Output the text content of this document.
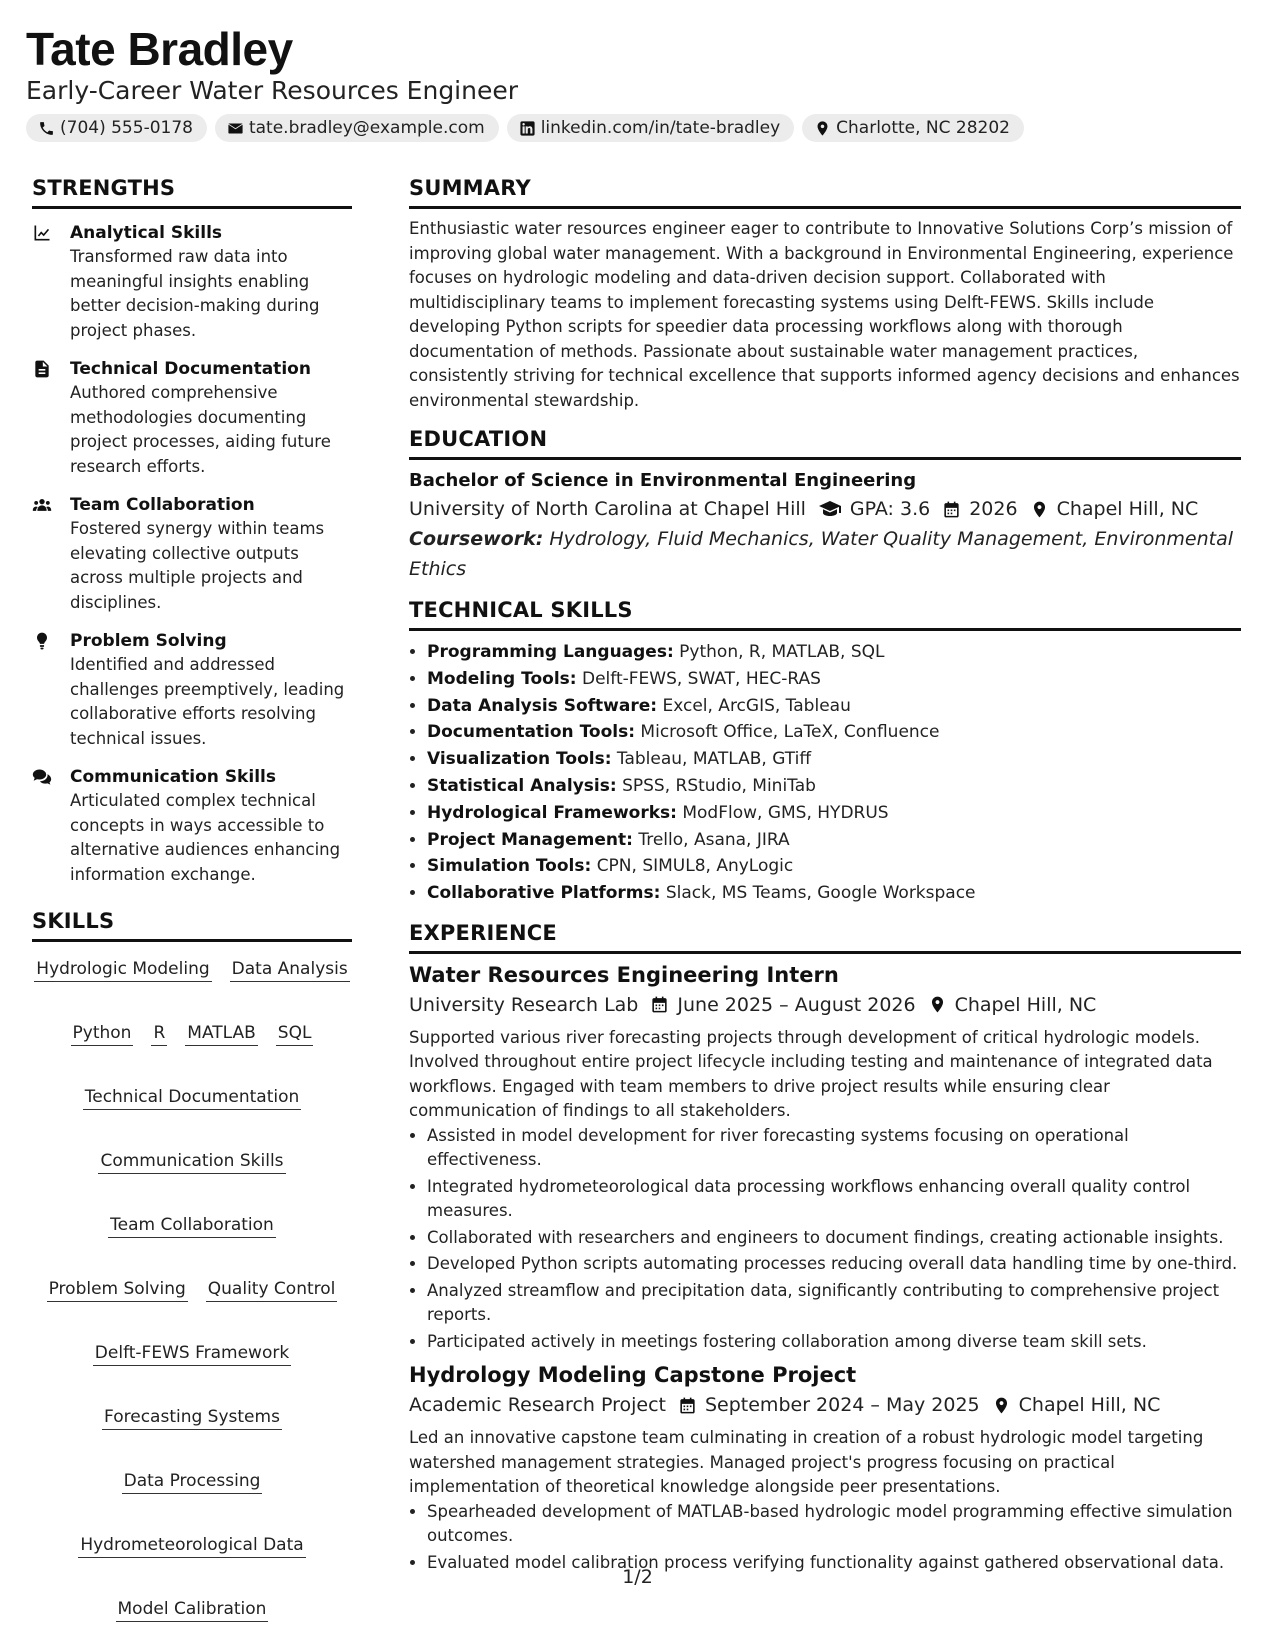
Tate Bradley
Early-Career Water Resources Engineer
(704) 555-0178	tate.bradley@example.com	linkedin.com/in/tate-bradley	Charlotte, NC 28202
STRENGTHS
Analytical Skills
Transformed raw data into meaningful insights enabling better decision-making during project phases.
Technical Documentation
Authored comprehensive methodologies documenting project processes, aiding future research efforts.
Team Collaboration
Fostered synergy within teams elevating collective outputs across multiple projects and disciplines.
Problem Solving
Identified and addressed challenges preemptively, leading collaborative efforts resolving technical issues.
Communication Skills
Articulated complex technical concepts in ways accessible to alternative audiences enhancing information exchange.
SKILLS
Hydrologic Modeling Data Analysis
Python R MATLAB SQL
Technical Documentation
Communication Skills
Team Collaboration
Problem Solving Quality Control
Delft-FEWS Framework
Forecasting Systems
Data Processing
Hydrometeorological Data
Model Calibration
SUMMARY
Enthusiastic water resources engineer eager to contribute to Innovative Solutions Corp’s mission of improving global water management. With a background in Environmental Engineering, experience focuses on hydrologic modeling and data-driven decision support. Collaborated with multidisciplinary teams to implement forecasting systems using Delft-FEWS. Skills include developing Python scripts for speedier data processing workflows along with thorough documentation of methods. Passionate about sustainable water management practices, consistently striving for technical excellence that supports informed agency decisions and enhances environmental stewardship.
EDUCATION
Bachelor of Science in Environmental Engineering
University of North Carolina at Chapel Hill GPA: 3.6 2026 Chapel Hill, NC
Coursework: Hydrology, Fluid Mechanics, Water Quality Management, Environmental Ethics
TECHNICAL SKILLS
• Programming Languages: Python, R, MATLAB, SQL
• Modeling Tools: Delft-FEWS, SWAT, HEC-RAS
• Data Analysis Software: Excel, ArcGIS, Tableau
• Documentation Tools: Microsoft Office, LaTeX, Confluence
• Visualization Tools: Tableau, MATLAB, GTiff
• Statistical Analysis: SPSS, RStudio, MiniTab
• Hydrological Frameworks: ModFlow, GMS, HYDRUS
• Project Management: Trello, Asana, JIRA
• Simulation Tools: CPN, SIMUL8, AnyLogic
• Collaborative Platforms: Slack, MS Teams, Google Workspace
EXPERIENCE
Water Resources Engineering Intern
University Research Lab June 2025 – August 2026 Chapel Hill, NC
Supported various river forecasting projects through development of critical hydrologic models. Involved throughout entire project lifecycle including testing and maintenance of integrated data workflows. Engaged with team members to drive project results while ensuring clear communication of findings to all stakeholders.
• Assisted in model development for river forecasting systems focusing on operational effectiveness.
• Integrated hydrometeorological data processing workflows enhancing overall quality control measures.
• Collaborated with researchers and engineers to document findings, creating actionable insights.
• Developed Python scripts automating processes reducing overall data handling time by one-third.
• Analyzed streamflow and precipitation data, significantly contributing to comprehensive project reports.
• Participated actively in meetings fostering collaboration among diverse team skill sets.
Hydrology Modeling Capstone Project
Academic Research Project September 2024 – May 2025 Chapel Hill, NC
Led an innovative capstone team culminating in creation of a robust hydrologic model targeting watershed management strategies. Managed project's progress focusing on practical implementation of theoretical knowledge alongside peer presentations.
• Spearheaded development of MATLAB-based hydrologic model programming effective simulation outcomes.
• Evaluated model calibration process verifying functionality against gathered observational data.
1/2
